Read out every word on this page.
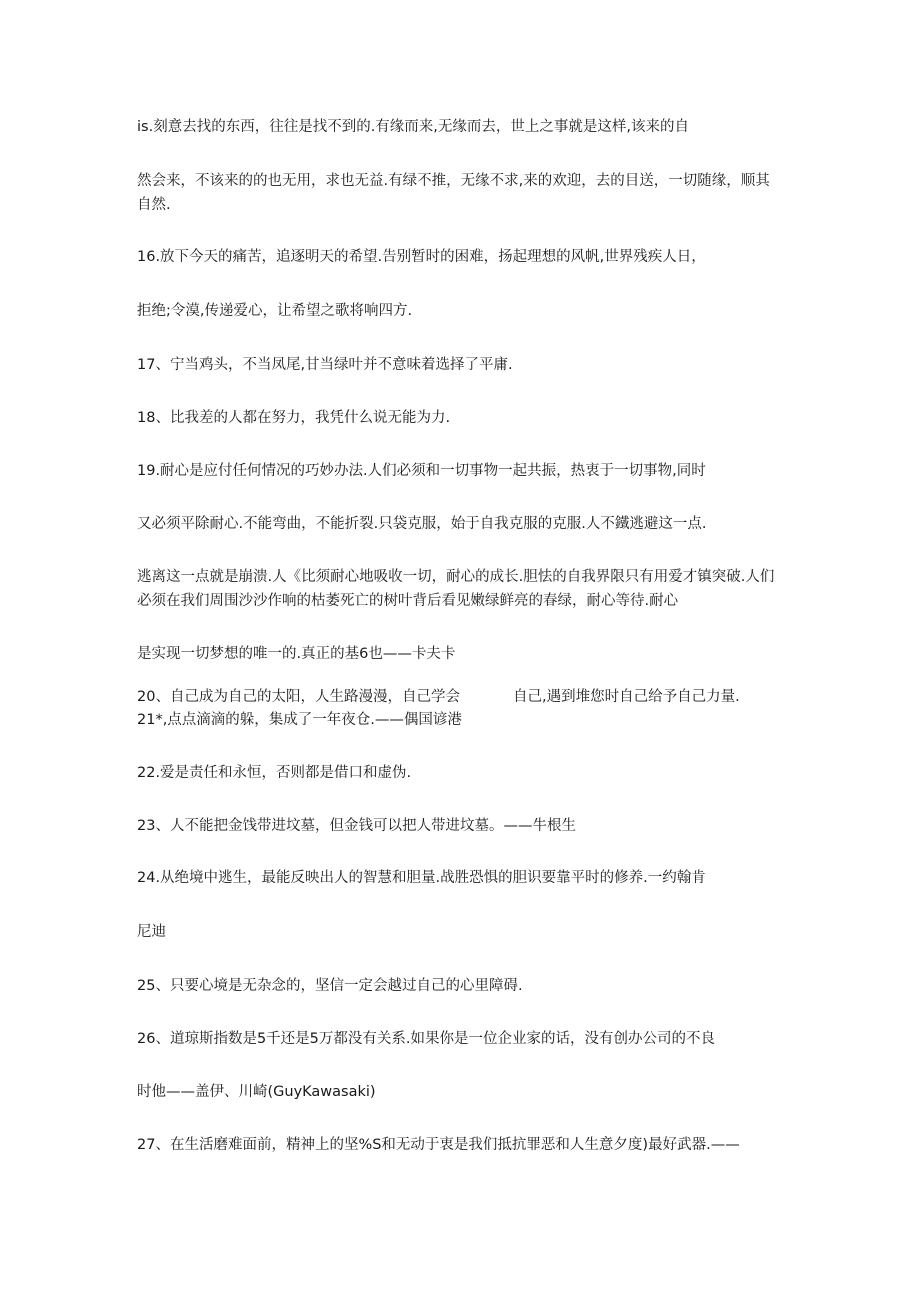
is.刻意去找的东西，往往是找不到的.有缘而来,无缘而去，世上之事就是这样,该来的自
然会来，不该来的的也无用，求也无益.有绿不推，无缘不求,来的欢迎，去的目送，一切随缘，顺其
自然.
16.放下今天的痛苦，追逐明天的希望.告别暂时的困难，扬起理想的风帆,世界残疾人日，
拒绝;令漠,传递爱心，让希望之歌将响四方.
17、宁当鸡头，不当凤尾,甘当绿叶并不意味着选择了平庸.
18、比我差的人都在努力，我凭什么说无能为力.
19.耐心是应付任何情况的巧妙办法.人们必须和一切事物一起共振，热衷于一切事物,同时
又必须平除耐心.不能弯曲，不能折裂.只袋克服，始于自我克服的克服.人不鐵逃避这一点.
逃离这一点就是崩溃.人《比须耐心地吸收一切，耐心的成长.胆怯的自我界限只有用爱才镇突破.人们
必须在我们周围沙沙作响的枯萎死亡的树叶背后看见嫩绿鲜亮的春绿，耐心等待.耐心
是实现一切梦想的唯一的.真正的基6也——卡夫卡
20、自己成为自己的太阳，人生路漫漫，自己学会	自己,遇到堆您时自己给予自己力量.
21*,点点滴滴的躲，集成了一年夜仓.——偶国谚港
22.爱是责任和永恒，否则都是借口和虚伪.
23、人不能把金饯带进坟墓，但金钱可以把人带进坟墓。——牛根生
24.从绝境中逃生，最能反映出人的智慧和胆量.战胜恐惧的胆识要靠平时的修养.一约翰肯
尼迪
25、只要心境是无杂念的，坚信一定会越过自己的心里障碍.
26、道琼斯指数是5千还是5万都没有关系.如果你是一位企业家的话，没有创办公司的不良
时他——盖伊、川崎(GuyKawasaki)
27、在生活磨难面前，精神上的坚%S和无动于衷是我们抵抗罪恶和人生意夕度)最好武器.——
